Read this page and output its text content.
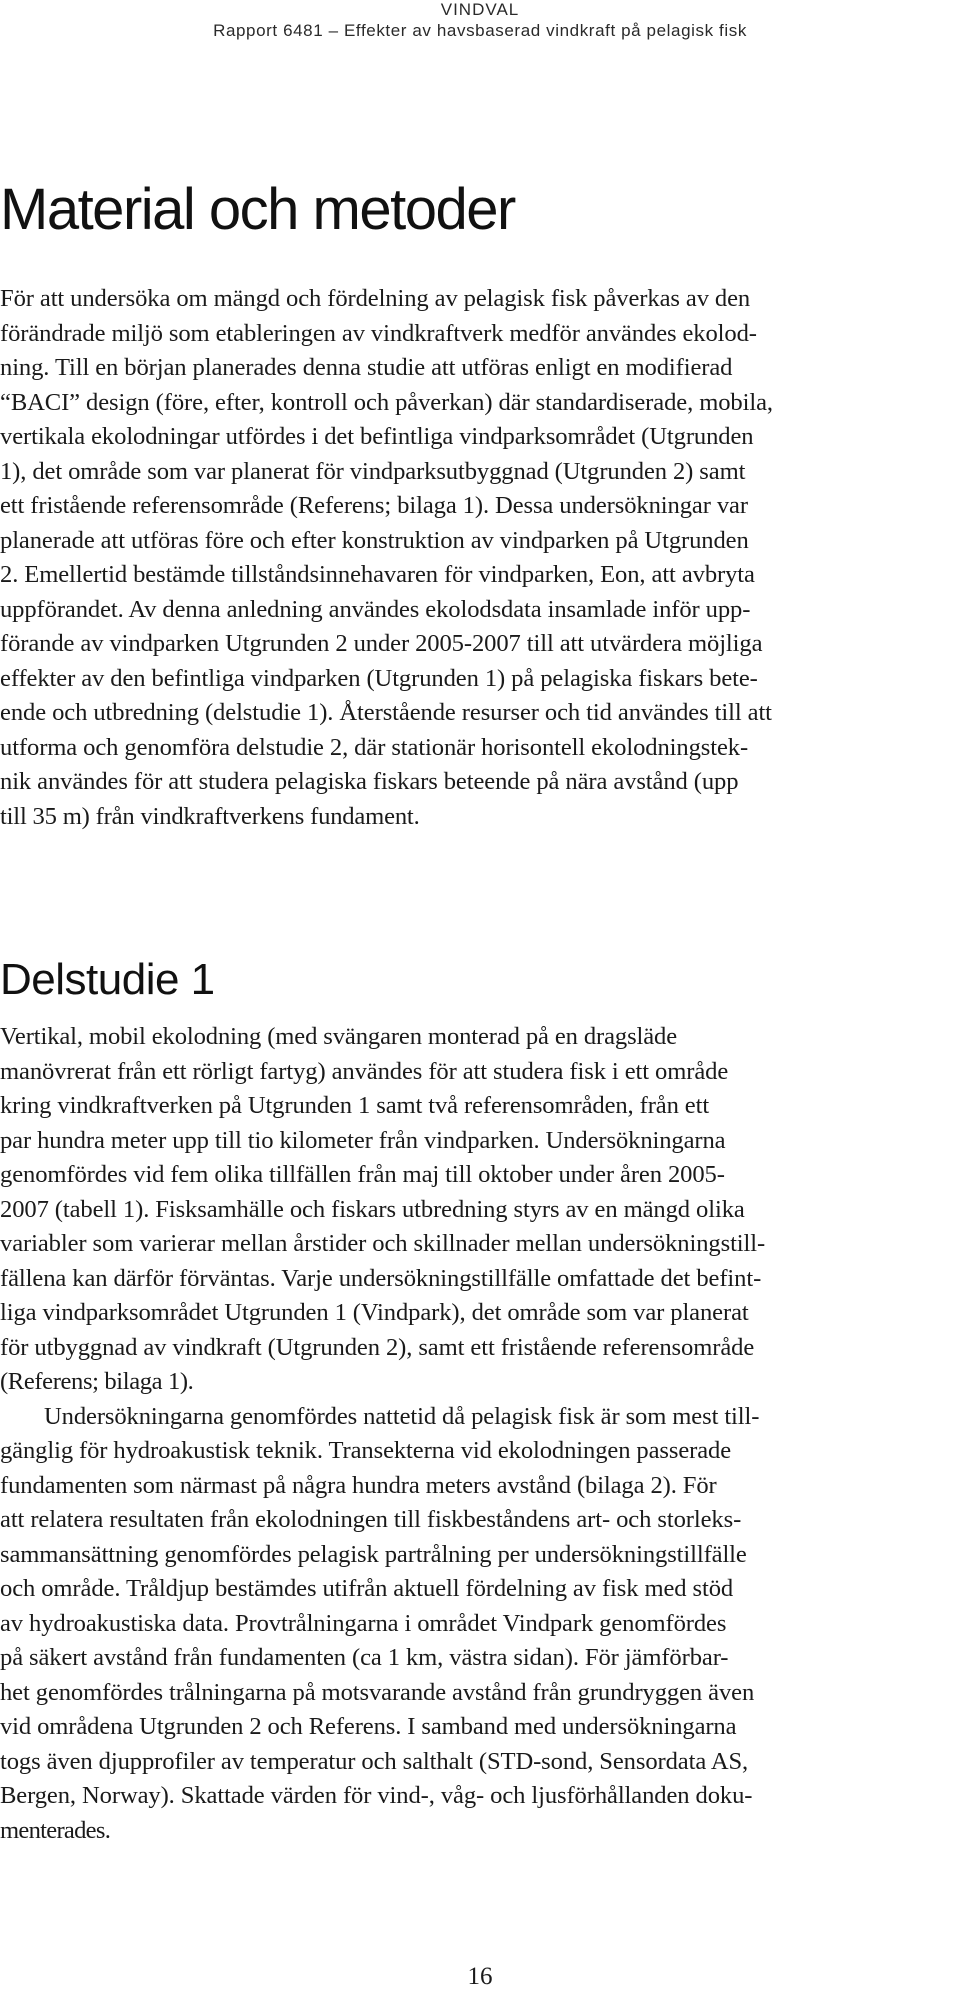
VINDVAL
Rapport 6481 – Effekter av havsbaserad vindkraft på pelagisk fisk
Material och metoder
För att undersöka om mängd och fördelning av pelagisk fisk påverkas av den
förändrade miljö som etableringen av vindkraftverk medför användes ekolod-
ning. Till en början planerades denna studie att utföras enligt en modifierad
“BACI” design (före, efter, kontroll och påverkan) där standardiserade, mobila,
vertikala ekolodningar utfördes i det befintliga vindparksområdet (Utgrunden
1), det område som var planerat för vindparksutbyggnad (Utgrunden 2) samt
ett fristående referensområde (Referens; bilaga 1). Dessa undersökningar var
planerade att utföras före och efter konstruktion av vindparken på Utgrunden
2. Emellertid bestämde tillståndsinnehavaren för vindparken, Eon, att avbryta
uppförandet. Av denna anledning användes ekolodsdata insamlade inför upp-
förande av vindparken Utgrunden 2 under 2005-2007 till att utvärdera möjliga
effekter av den befintliga vindparken (Utgrunden 1) på pelagiska fiskars bete-
ende och utbredning (delstudie 1). Återstående resurser och tid användes till att
utforma och genomföra delstudie 2, där stationär horisontell ekolodningstek-
nik användes för att studera pelagiska fiskars beteende på nära avstånd (upp
till 35 m) från vindkraftverkens fundament.
Delstudie 1
Vertikal, mobil ekolodning (med svängaren monterad på en dragsläde
manövrerat från ett rörligt fartyg) användes för att studera fisk i ett område
kring vindkraftverken på Utgrunden 1 samt två referensområden, från ett
par hundra meter upp till tio kilometer från vindparken. Undersökningarna
genomfördes vid fem olika tillfällen från maj till oktober under åren 2005-
2007 (tabell 1). Fisksamhälle och fiskars utbredning styrs av en mängd olika
variabler som varierar mellan årstider och skillnader mellan undersökningstill-
fällena kan därför förväntas. Varje undersökningstillfälle omfattade det befint-
liga vindparksområdet Utgrunden 1 (Vindpark), det område som var planerat
för utbyggnad av vindkraft (Utgrunden 2), samt ett fristående referensområde
(Referens; bilaga 1).
Undersökningarna genomfördes nattetid då pelagisk fisk är som mest till-
gänglig för hydroakustisk teknik. Transekterna vid ekolodningen passerade
fundamenten som närmast på några hundra meters avstånd (bilaga 2). För
att relatera resultaten från ekolodningen till fiskbeståndens art- och storleks-
sammansättning genomfördes pelagisk partrålning per undersökningstillfälle
och område. Tråldjup bestämdes utifrån aktuell fördelning av fisk med stöd
av hydroakustiska data. Provtrålningarna i området Vindpark genomfördes
på säkert avstånd från fundamenten (ca 1 km, västra sidan). För jämförbar-
het genomfördes trålningarna på motsvarande avstånd från grundryggen även
vid områdena Utgrunden 2 och Referens. I samband med undersökningarna
togs även djupprofiler av temperatur och salthalt (STD-sond, Sensordata AS,
Bergen, Norway). Skattade värden för vind-, våg- och ljusförhållanden doku-
menterades.
16
